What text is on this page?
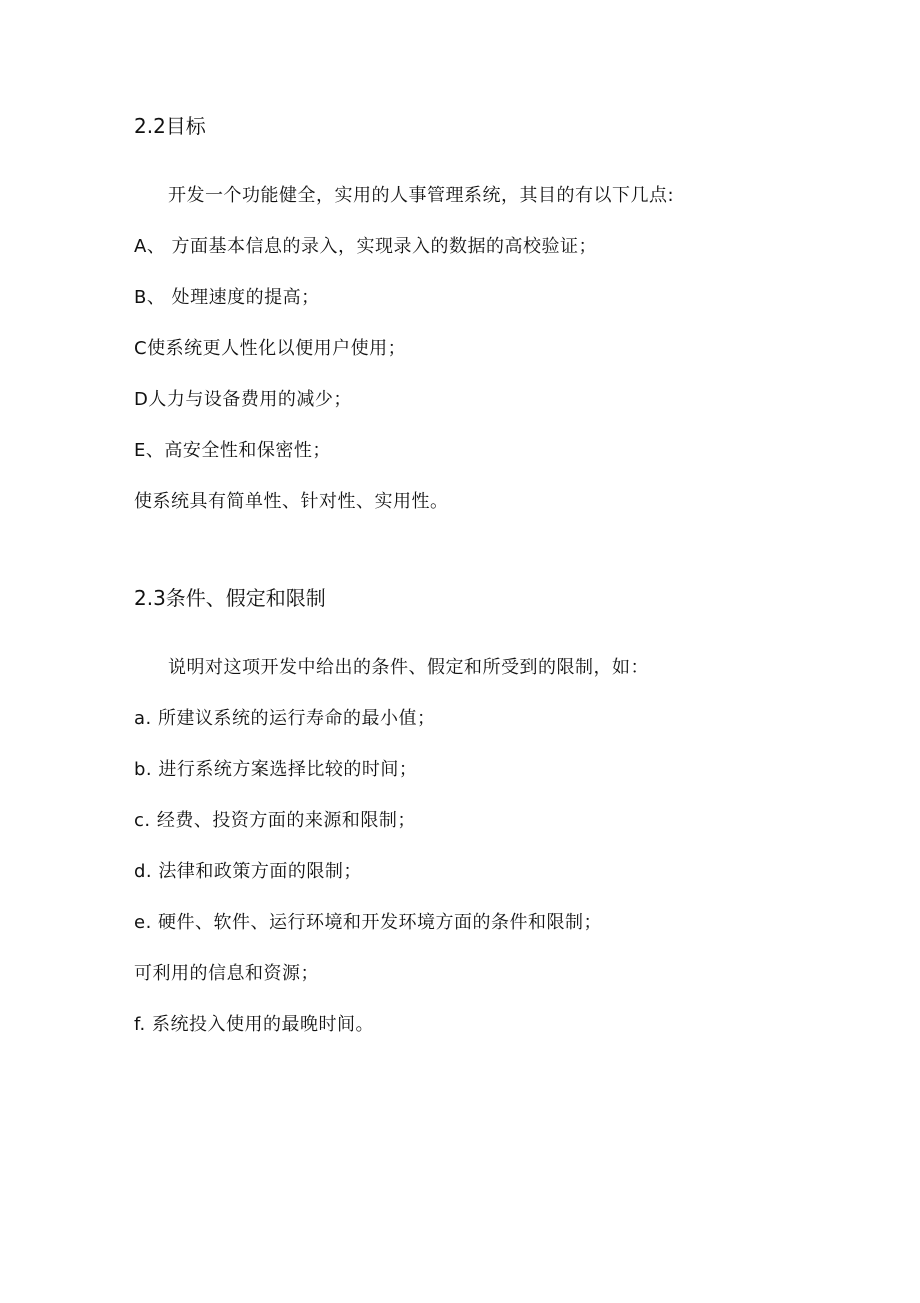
2.2目标
开发一个功能健全，实用的人事管理系统，其目的有以下几点:
A、 方面基本信息的录入，实现录入的数据的高校验证；
B、 处理速度的提高；
C使系统更人性化以便用户使用；
D人力与设备费用的减少；
E、高安全性和保密性；
使系统具有简单性、针对性、实用性。
2.3条件、假定和限制
说明对这项开发中给出的条件、假定和所受到的限制，如：
a. 所建议系统的运行寿命的最小值；
b. 进行系统方案选择比较的时间；
c. 经费、投资方面的来源和限制；
d. 法律和政策方面的限制；
e. 硬件、软件、运行环境和开发环境方面的条件和限制；
可利用的信息和资源；
f. 系统投入使用的最晚时间。
